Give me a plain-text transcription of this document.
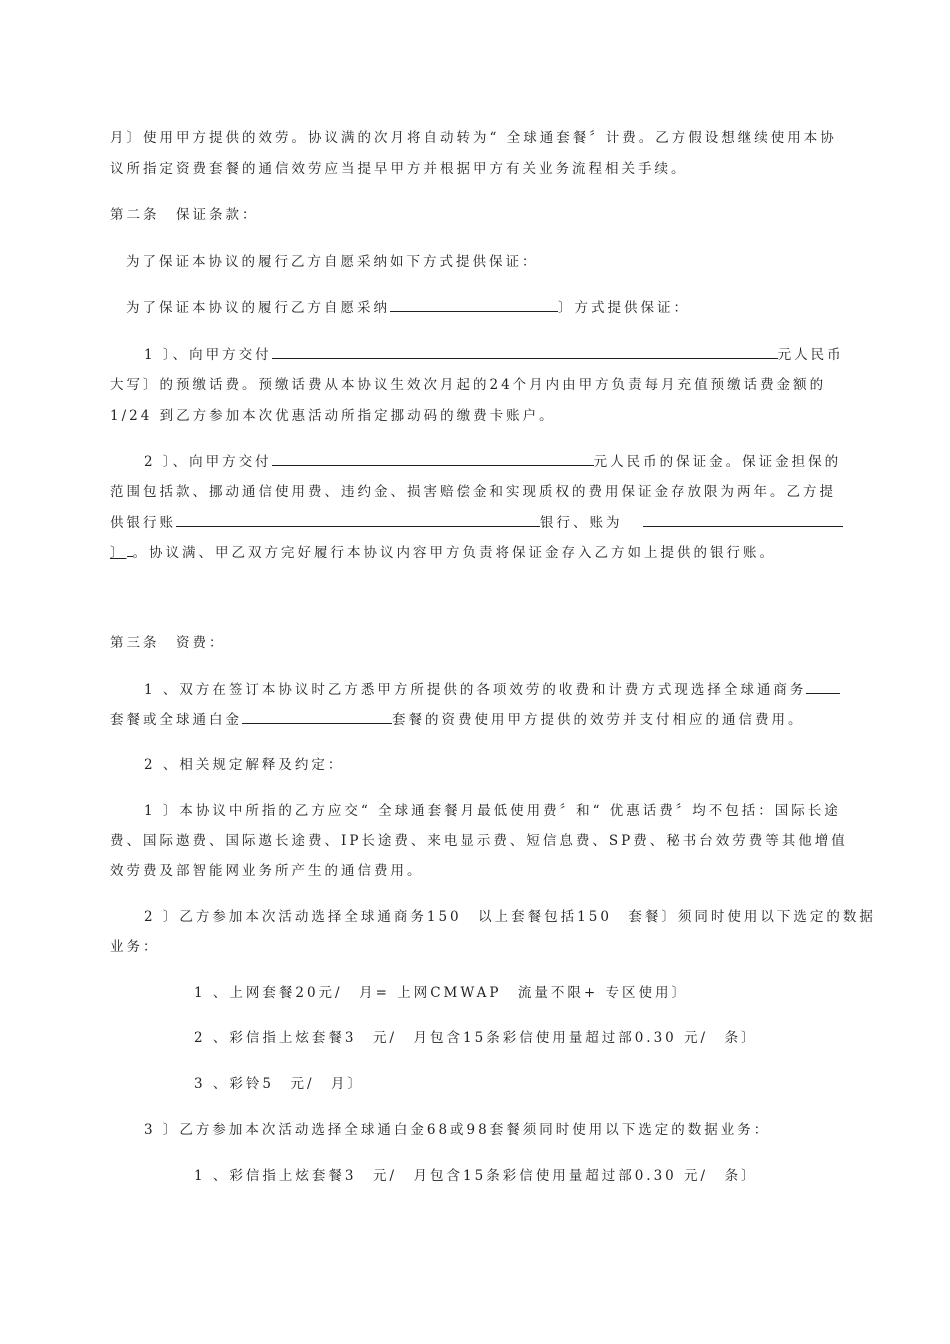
月〕使用甲方提供的效劳。协议满的次月将自动转为“ 全球通套餐〞计费。乙方假设想继续使用本协
议所指定资费套餐的通信效劳应当提早甲方并根据甲方有关业务流程相关手续。
第二条　保证条款：
为了保证本协议的履行乙方自愿采纳如下方式提供保证：
为了保证本协议的履行乙方自愿采纳	〕方式提供保证：
1 〕、向甲方交付	元人民币
大写〕的预缴话费。预缴话费从本协议生效次月起的24个月内由甲方负责每月充值预缴话费金额的
1/24 到乙方参加本次优惠活动所指定挪动码的缴费卡账户。
2 〕、向甲方交付	元人民币的保证金。保证金担保的
范围包括款、挪动通信使用费、违约金、损害赔偿金和实现质权的费用保证金存放限为两年。乙方提
供银行账	银行、账为
〕 。协议满、甲乙双方完好履行本协议内容甲方负责将保证金存入乙方如上提供的银行账。
第三条　资费：
1 、双方在签订本协议时乙方悉甲方所提供的各项效劳的收费和计费方式现选择全球通商务
套餐或全球通白金	套餐的资费使用甲方提供的效劳并支付相应的通信费用。
2 、相关规定解释及约定：
1 〕本协议中所指的乙方应交“ 全球通套餐月最低使用费〞和“ 优惠话费〞均不包括：国际长途
费、国际遨费、国际遨长途费、IP长途费、来电显示费、短信息费、SP费、秘书台效劳费等其他增值
效劳费及部智能网业务所产生的通信费用。
2 〕乙方参加本次活动选择全球通商务150　以上套餐包括150　套餐〕须同时使用以下选定的数据
业务：
1 、上网套餐20元/　月= 上网CMWAP　流量不限+ 专区使用〕
2 、彩信指上炫套餐3　元/　月包含15条彩信使用量超过部0.30 元/　条〕
3 、彩铃5　元/　月〕
3 〕乙方参加本次活动选择全球通白金68或98套餐须同时使用以下选定的数据业务：
1 、彩信指上炫套餐3　元/　月包含15条彩信使用量超过部0.30 元/　条〕
